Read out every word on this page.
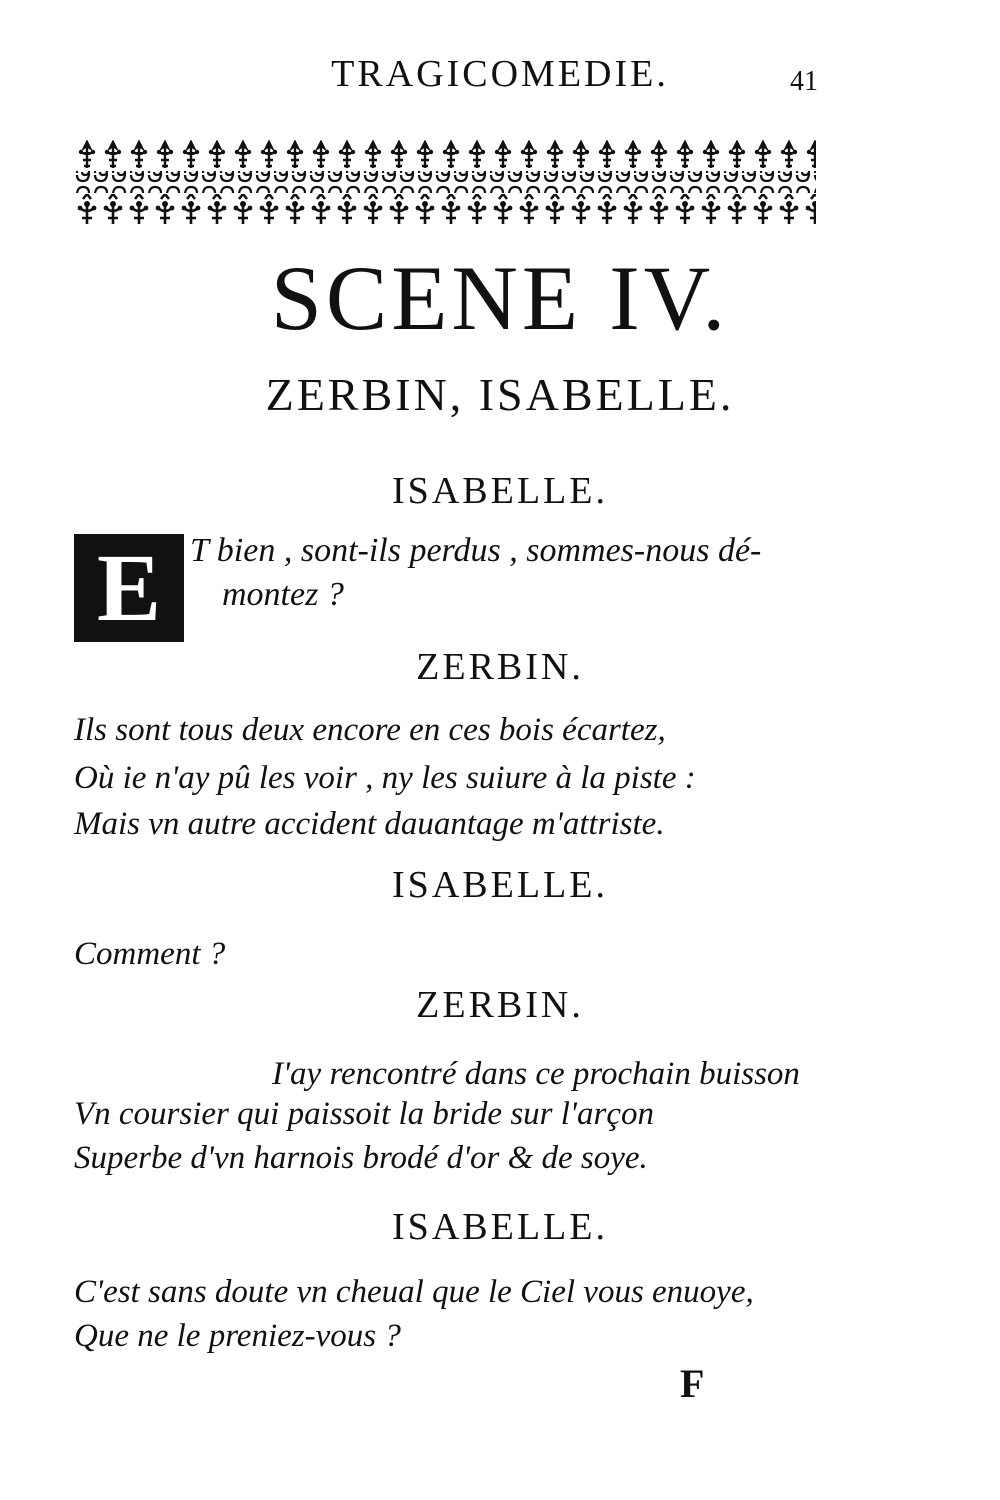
TRAGICOMEDIE.	41
SCENE IV.
ZERBIN, ISABELLE.
ISABELLE.
E T bien , sont-ils perdus , sommes-nous dé-
montez ?
ZERBIN.
Ils sont tous deux encore en ces bois écartez,
Où ie n'ay pû les voir , ny les suiure à la piste :
Mais vn autre accident dauantage m'attriste.
ISABELLE.
Comment ?
ZERBIN.
I'ay rencontré dans ce prochain buisson
Vn coursier qui paissoit la bride sur l'arçon
Superbe d'vn harnois brodé d'or & de soye.
ISABELLE.
C'est sans doute vn cheual que le Ciel vous enuoye,
Que ne le preniez-vous ?
F
